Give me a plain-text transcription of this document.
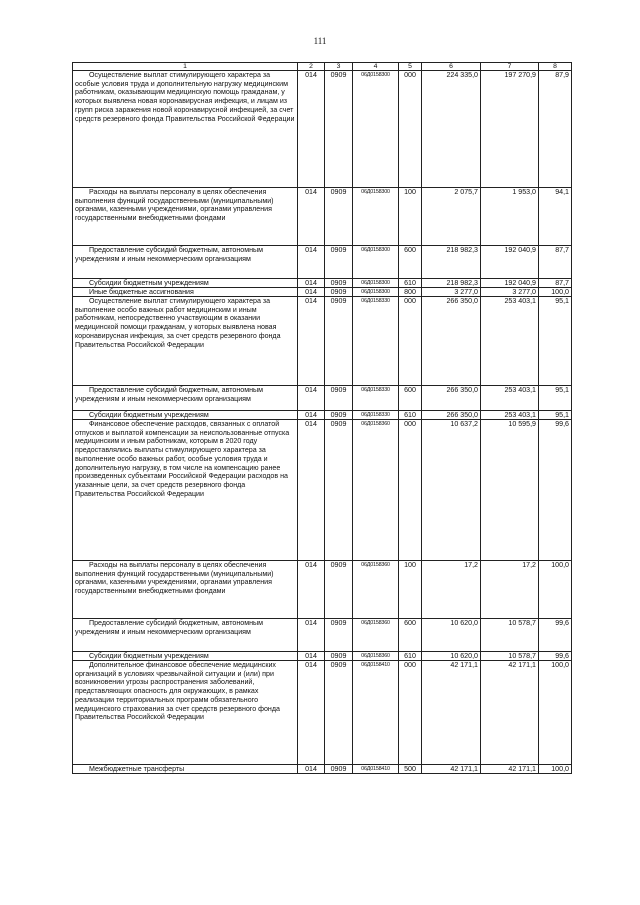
111
1	2	3	4	5	6	7	8
Осуществление выплат стимулирующего характера за особые условия труда и дополнительную нагрузку медицинским работникам, оказывающим медицинскую помощь гражданам, у которых выявлена новая коронавирусная инфекция, и лицам из групп риска заражения новой коронавирусной инфекцией, за счет средств резервного фонда Правительства Российской Федерации	014	0909	06Д0158300	000	224 335,0	197 270,9	87,9
Расходы на выплаты персоналу в целях обеспечения выполнения функций государственными (муниципальными) органами, казенными учреждениями, органами управления государственными внебюджетными фондами	014	0909	06Д0158300	100	2 075,7	1 953,0	94,1
Предоставление субсидий бюджетным, автономным учреждениям и иным некоммерческим организациям	014	0909	06Д0158300	600	218 982,3	192 040,9	87,7
Субсидии бюджетным учреждениям	014	0909	06Д0158300	610	218 982,3	192 040,9	87,7
Иные бюджетные ассигнования	014	0909	06Д0158300	800	3 277,0	3 277,0	100,0
Осуществление выплат стимулирующего характера за выполнение особо важных работ медицинским и иным работникам, непосредственно участвующим в оказании медицинской помощи гражданам, у которых выявлена новая коронавирусная инфекция, за счет средств резервного фонда Правительства Российской Федерации	014	0909	06Д0158330	000	266 350,0	253 403,1	95,1
Предоставление субсидий бюджетным, автономным учреждениям и иным некоммерческим организациям	014	0909	06Д0158330	600	266 350,0	253 403,1	95,1
Субсидии бюджетным учреждениям	014	0909	06Д0158330	610	266 350,0	253 403,1	95,1
Финансовое обеспечение расходов, связанных с оплатой отпусков и выплатой компенсации за неиспользованные отпуска медицинским и иным работникам, которым в 2020 году предоставлялись выплаты стимулирующего характера за выполнение особо важных работ, особые условия труда и дополнительную нагрузку, в том числе на компенсацию ранее произведенных субъектами Российской Федерации расходов на указанные цели, за счет средств резервного фонда Правительства Российской Федерации	014	0909	06Д0158360	000	10 637,2	10 595,9	99,6
Расходы на выплаты персоналу в целях обеспечения выполнения функций государственными (муниципальными) органами, казенными учреждениями, органами управления государственными внебюджетными фондами	014	0909	06Д0158360	100	17,2	17,2	100,0
Предоставление субсидий бюджетным, автономным учреждениям и иным некоммерческим организациям	014	0909	06Д0158360	600	10 620,0	10 578,7	99,6
Субсидии бюджетным учреждениям	014	0909	06Д0158360	610	10 620,0	10 578,7	99,6
Дополнительное финансовое обеспечение медицинских организаций в условиях чрезвычайной ситуации и (или) при возникновении угрозы распространения заболеваний, представляющих опасность для окружающих, в рамках реализации территориальных программ обязательного медицинского страхования за счет средств резервного фонда Правительства Российской Федерации	014	0909	06Д0158410	000	42 171,1	42 171,1	100,0
Межбюджетные трансферты	014	0909	06Д0158410	500	42 171,1	42 171,1	100,0
